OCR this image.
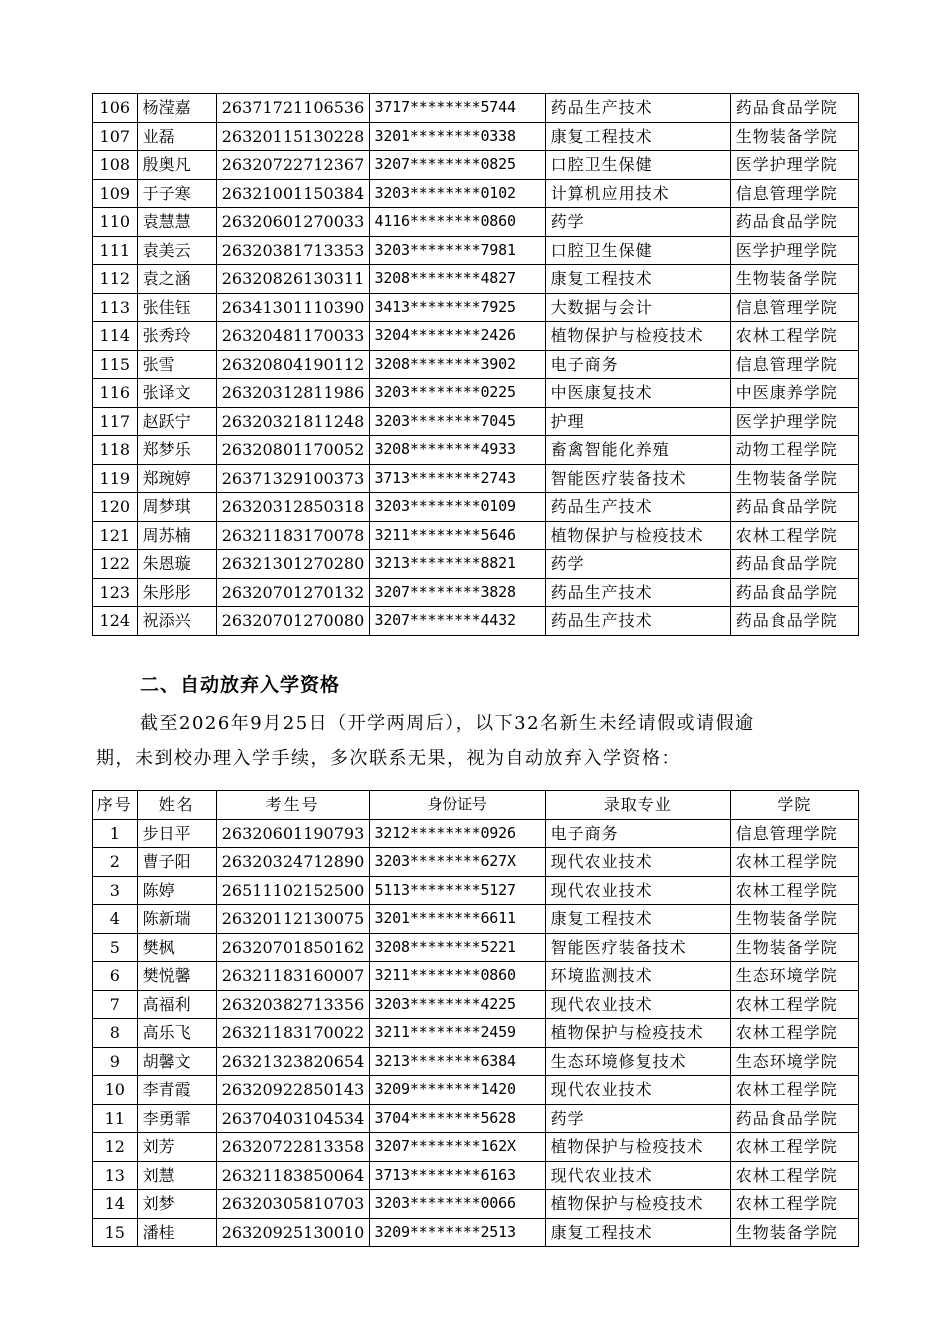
106	杨滢嘉	26371721106536	3717********5744	药品生产技术	药品食品学院
107	业磊	26320115130228	3201********0338	康复工程技术	生物装备学院
108	殷奥凡	26320722712367	3207********0825	口腔卫生保健	医学护理学院
109	于子寒	26321001150384	3203********0102	计算机应用技术	信息管理学院
110	袁慧慧	26320601270033	4116********0860	药学	药品食品学院
111	袁美云	26320381713353	3203********7981	口腔卫生保健	医学护理学院
112	袁之涵	26320826130311	3208********4827	康复工程技术	生物装备学院
113	张佳钰	26341301110390	3413********7925	大数据与会计	信息管理学院
114	张秀玲	26320481170033	3204********2426	植物保护与检疫技术	农林工程学院
115	张雪	26320804190112	3208********3902	电子商务	信息管理学院
116	张译文	26320312811986	3203********0225	中医康复技术	中医康养学院
117	赵跃宁	26320321811248	3203********7045	护理	医学护理学院
118	郑梦乐	26320801170052	3208********4933	畜禽智能化养殖	动物工程学院
119	郑琬婷	26371329100373	3713********2743	智能医疗装备技术	生物装备学院
120	周梦琪	26320312850318	3203********0109	药品生产技术	药品食品学院
121	周苏楠	26321183170078	3211********5646	植物保护与检疫技术	农林工程学院
122	朱恩璇	26321301270280	3213********8821	药学	药品食品学院
123	朱彤彤	26320701270132	3207********3828	药品生产技术	药品食品学院
124	祝添兴	26320701270080	3207********4432	药品生产技术	药品食品学院
二、自动放弃入学资格
截至2026年9月25日（开学两周后），以下32名新生未经请假或请假逾
期，未到校办理入学手续，多次联系无果，视为自动放弃入学资格：
序号	姓名	考生号	身份证号	录取专业	学院
1	步日平	26320601190793	3212********0926	电子商务	信息管理学院
2	曹子阳	26320324712890	3203********627X	现代农业技术	农林工程学院
3	陈婷	26511102152500	5113********5127	现代农业技术	农林工程学院
4	陈新瑞	26320112130075	3201********6611	康复工程技术	生物装备学院
5	樊枫	26320701850162	3208********5221	智能医疗装备技术	生物装备学院
6	樊悦馨	26321183160007	3211********0860	环境监测技术	生态环境学院
7	高福利	26320382713356	3203********4225	现代农业技术	农林工程学院
8	高乐飞	26321183170022	3211********2459	植物保护与检疫技术	农林工程学院
9	胡馨文	26321323820654	3213********6384	生态环境修复技术	生态环境学院
10	李青霞	26320922850143	3209********1420	现代农业技术	农林工程学院
11	李勇霏	26370403104534	3704********5628	药学	药品食品学院
12	刘芳	26320722813358	3207********162X	植物保护与检疫技术	农林工程学院
13	刘慧	26321183850064	3713********6163	现代农业技术	农林工程学院
14	刘梦	26320305810703	3203********0066	植物保护与检疫技术	农林工程学院
15	潘桂	26320925130010	3209********2513	康复工程技术	生物装备学院
